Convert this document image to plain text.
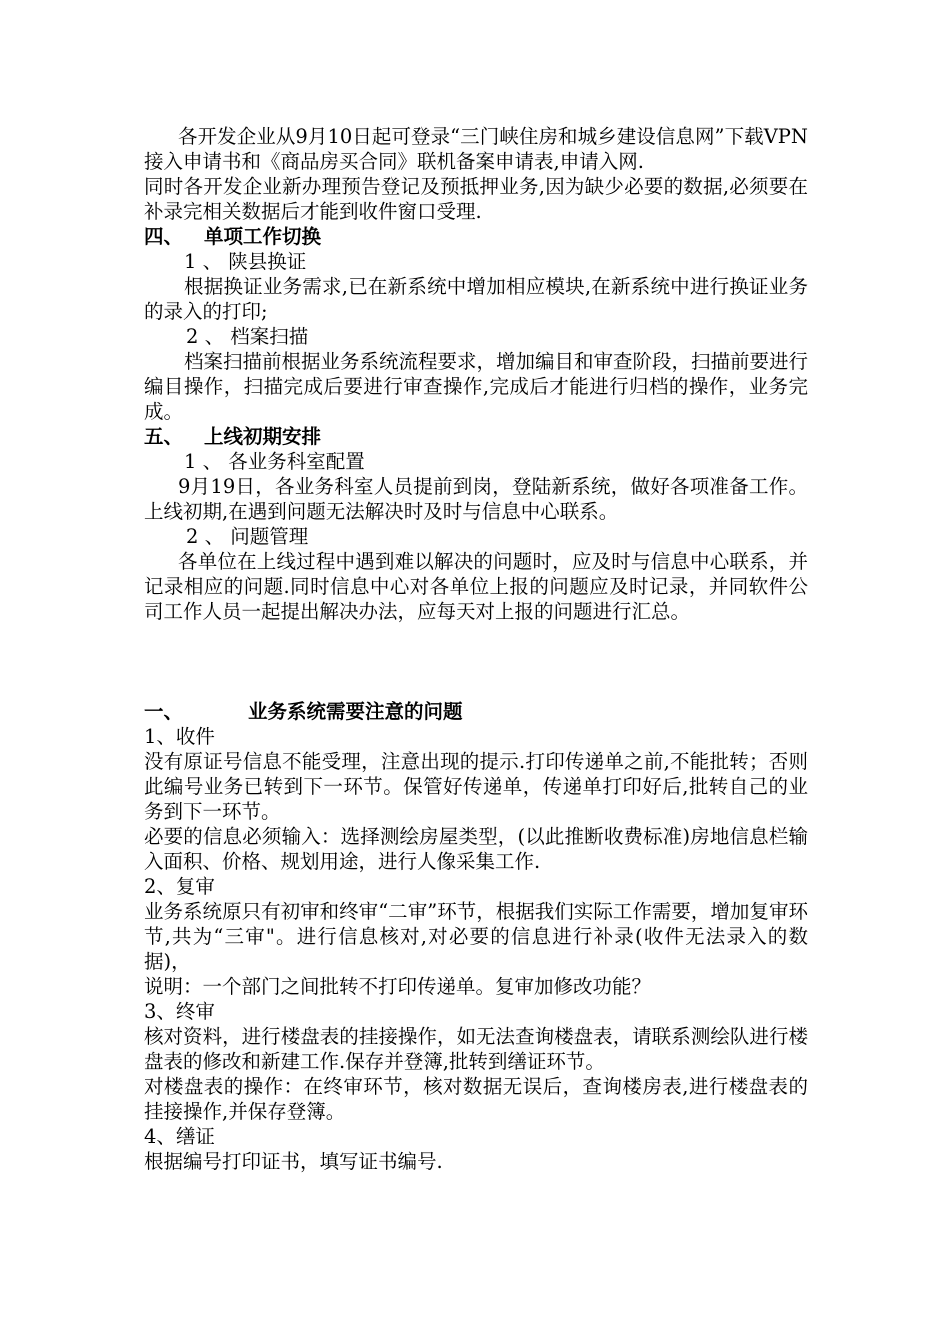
各开发企业从9月10日起可登录“三门峡住房和城乡建设信息网”下载VPN接入申请书和《商品房买合同》联机备案申请表,申请入网.

同时各开发企业新办理预告登记及预抵押业务,因为缺少必要的数据,必须要在补录完相关数据后才能到收件窗口受理.

四、 单项工作切换

1 、 陕县换证

根据换证业务需求,已在新系统中增加相应模块,在新系统中进行换证业务的录入的打印;

2 、 档案扫描

档案扫描前根据业务系统流程要求，增加编目和审查阶段，扫描前要进行编目操作，扫描完成后要进行审查操作,完成后才能进行归档的操作，业务完成。

五、 上线初期安排

1 、 各业务科室配置

9月19日，各业务科室人员提前到岗，登陆新系统，做好各项准备工作。上线初期,在遇到问题无法解决时及时与信息中心联系。

2 、 问题管理

各单位在上线过程中遇到难以解决的问题时，应及时与信息中心联系，并记录相应的问题.同时信息中心对各单位上报的问题应及时记录，并同软件公司工作人员一起提出解决办法，应每天对上报的问题进行汇总。

一、	业务系统需要注意的问题

1、收件

没有原证号信息不能受理，注意出现的提示.打印传递单之前,不能批转；否则此编号业务已转到下一环节。保管好传递单，传递单打印好后,批转自己的业务到下一环节。

必要的信息必须输入：选择测绘房屋类型，(以此推断收费标准)房地信息栏输入面积、价格、规划用途，进行人像采集工作.

2、复审

业务系统原只有初审和终审“二审”环节，根据我们实际工作需要，增加复审环节,共为“三审"。进行信息核对,对必要的信息进行补录(收件无法录入的数据)，

说明：一个部门之间批转不打印传递单。复审加修改功能？

3、终审

核对资料，进行楼盘表的挂接操作，如无法查询楼盘表，请联系测绘队进行楼盘表的修改和新建工作.保存并登簿,批转到缮证环节。

对楼盘表的操作：在终审环节，核对数据无误后，查询楼房表,进行楼盘表的挂接操作,并保存登簿。

4、缮证

根据编号打印证书，填写证书编号.
